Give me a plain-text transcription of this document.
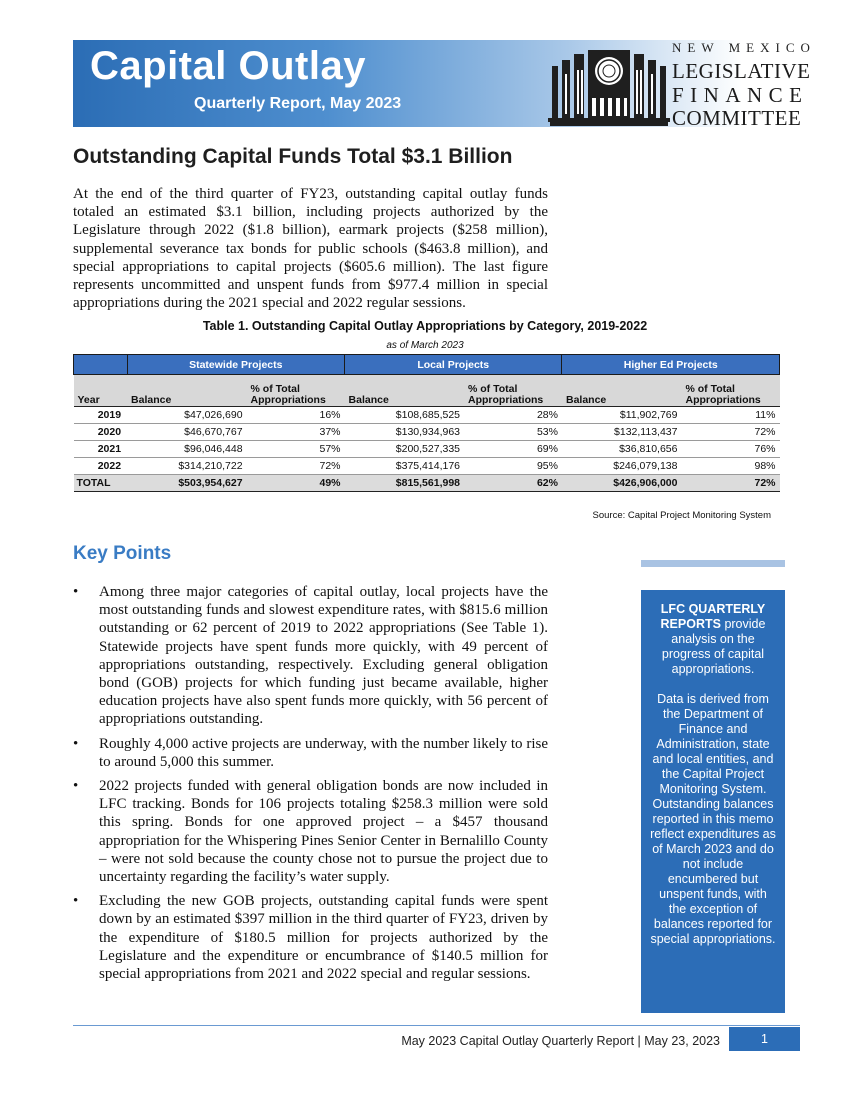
Capital Outlay
Quarterly Report, May 2023
NEW MEXICO
LEGISLATIVE
FINANCE
COMMITTEE
Outstanding Capital Funds Total $3.1 Billion

At the end of the third quarter of FY23, outstanding capital outlay funds totaled an estimated $3.1 billion, including projects authorized by the Legislature through 2022 ($1.8 billion), earmark projects ($258 million), supplemental severance tax bonds for public schools ($463.8 million), and special appropriations to capital projects ($605.6 million). The last figure represents uncommitted and unspent funds from $977.4 million in special appropriations during the 2021 special and 2022 regular sessions.

Table 1. Outstanding Capital Outlay Appropriations by Category, 2019-2022
as of March 2023
	Statewide Projects		Local Projects		Higher Ed Projects	
Year	Balance	% of Total Appropriations	Balance	% of Total Appropriations	Balance	% of Total Appropriations
2019	$47,026,690	16%	$108,685,525	28%	$11,902,769	11%
2020	$46,670,767	37%	$130,934,963	53%	$132,113,437	72%
2021	$96,046,448	57%	$200,527,335	69%	$36,810,656	76%
2022	$314,210,722	72%	$375,414,176	95%	$246,079,138	98%
TOTAL	$503,954,627	49%	$815,561,998	62%	$426,906,000	72%
Source: Capital Project Monitoring System
Key Points
• Among three major categories of capital outlay, local projects have the most outstanding funds and slowest expenditure rates, with $815.6 million outstanding or 62 percent of 2019 to 2022 appropriations (See Table 1). Statewide projects have spent funds more quickly, with 49 percent of appropriations outstanding, respectively. Excluding general obligation bond (GOB) projects for which funding just became available, higher education projects have also spent funds more quickly, with 56 percent of appropriations outstanding.
• Roughly 4,000 active projects are underway, with the number likely to rise to around 5,000 this summer.
• 2022 projects funded with general obligation bonds are now included in LFC tracking. Bonds for 106 projects totaling $258.3 million were sold this spring. Bonds for one approved project – a $457 thousand appropriation for the Whispering Pines Senior Center in Bernalillo County – were not sold because the county chose not to pursue the project due to uncertainty regarding the facility’s water supply.
• Excluding the new GOB projects, outstanding capital funds were spent down by an estimated $397 million in the third quarter of FY23, driven by the expenditure of $180.5 million for projects authorized by the Legislature and the expenditure or encumbrance of $140.5 million for special appropriations from 2021 and 2022 special and regular sessions.

LFC QUARTERLY REPORTS provide analysis on the progress of capital appropriations.

Data is derived from the Department of Finance and Administration, state and local entities, and the Capital Project Monitoring System. Outstanding balances reported in this memo reflect expenditures as of March 2023 and do not include encumbered but unspent funds, with the exception of balances reported for special appropriations.

May 2023 Capital Outlay Quarterly Report | May 23, 2023	1
